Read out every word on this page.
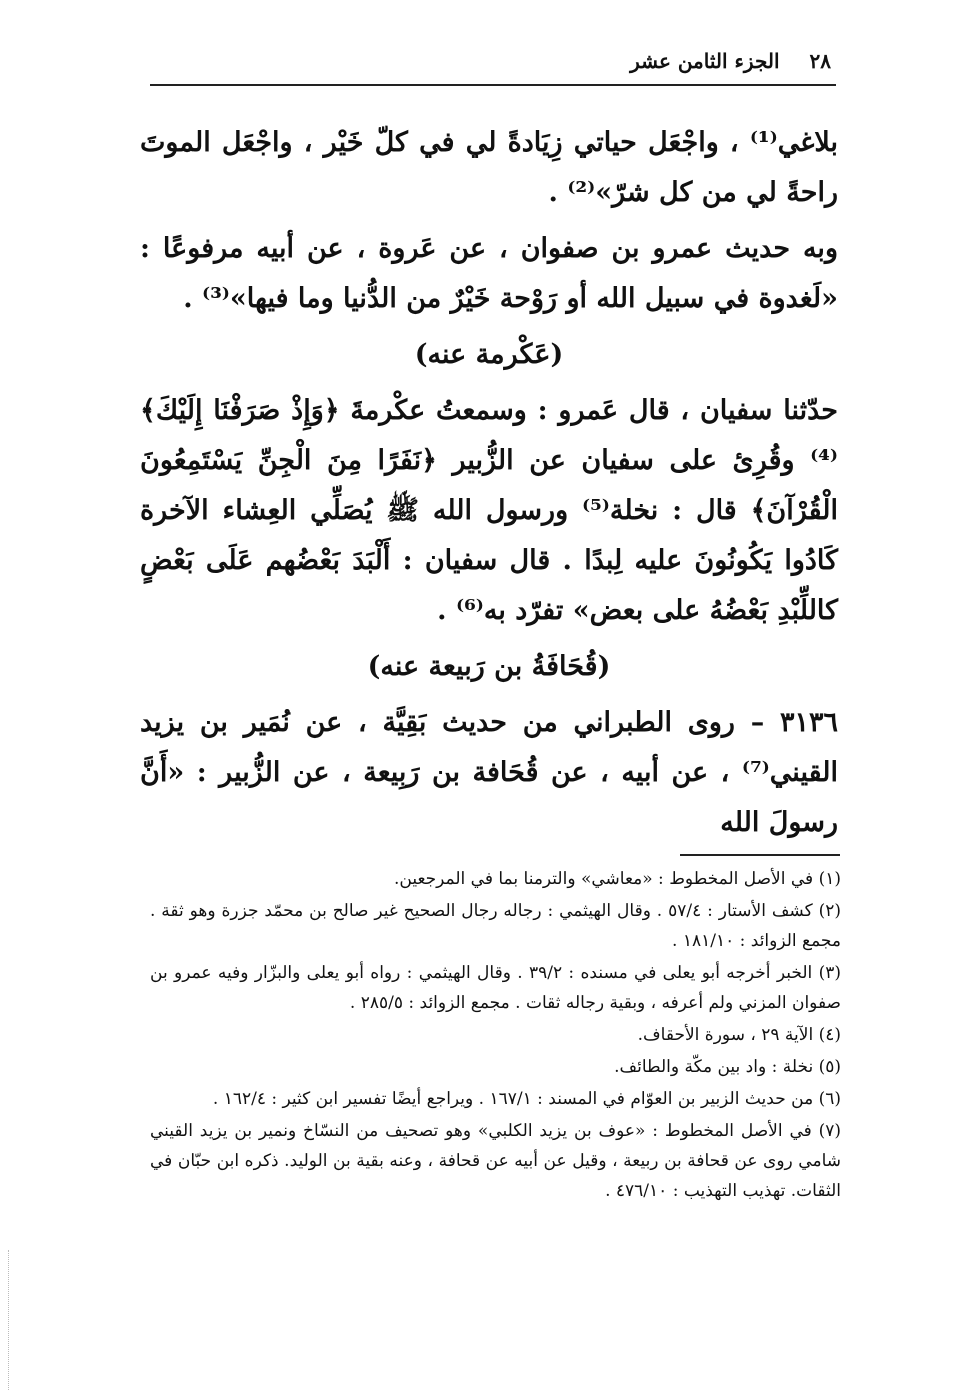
٢٨
الجزء الثامن عشر

بلاغي⁽¹⁾ ، واجْعَل حياتي زِيَادةً لي في كلّ خَيْر ، واجْعَل الموتَ راحةً لي من كل شرّ»⁽²⁾ .

وبه حديث عمرو بن صفوان ، عن عَروة ، عن أبيه مرفوعًا : «لَغدوة في سبيل الله أو رَوْحة خَيْرٌ من الدُّنيا وما فيها»⁽³⁾ .

(عَكْرمة عنه)

حدّثنا سفيان ، قال عَمرو : وسمعتُ عكْرمةَ ﴿وَإِذْ صَرَفْنَا إِلَيْكَ﴾⁽⁴⁾ وقُرِئ على سفيان عن الزُّبير ﴿نَفَرًا مِنَ الْجِنِّ يَسْتَمِعُونَ الْقُرْآنَ﴾ قال : نخلة⁽⁵⁾ ورسول الله ﷺ يُصَلِّي العِشاء الآخرة كَادُوا يَكُونُونَ عليه لِبدًا . قال سفيان : أَلْبَدَ بَعْضُهم عَلَى بَعْضٍ كاللِّبْدِ بَعْضُهُ على بعض» تفرّد به⁽⁶⁾ .

(قُحَافَةُ بن رَبيعة عنه)

٣١٣٦ – روى الطبراني من حديث بَقِيَّة ، عن نُمَير بن يزيد القيني⁽⁷⁾ ، عن أبيه ، عن قُحَافة بن رَبِيعة ، عن الزُّبير : «أَنَّ رسولَ الله

(١) في الأصل المخطوط : «معاشي» والترمنا بما في المرجعين.

(٢) كشف الأستار : ٥٧/٤ . وقال الهيثمي : رجاله رجال الصحيح غير صالح بن محمّد جزرة وهو ثقة . مجمع الزوائد : ١٨١/١٠ .

(٣) الخبر أخرجه أبو يعلى في مسنده : ٣٩/٢ . وقال الهيثمي : رواه أبو يعلى والبزّار وفيه عمرو بن صفوان المزني ولم أعرفه ، وبقية رجاله ثقات . مجمع الزوائد : ٢٨٥/٥ .

(٤) الآية ٢٩ ، سورة الأحقاف.

(٥) نخلة : واد بين مكّة والطائف.

(٦) من حديث الزبير بن العوّام في المسند : ١٦٧/١ . ويراجع أيضًا تفسير ابن كثير : ١٦٢/٤ .

(٧) في الأصل المخطوط : «عوف بن يزيد الكلبي» وهو تصحيف من النسّاخ ونمير بن يزيد القيني شامي روى عن قحافة بن ربيعة ، وقيل عن أبيه عن قحافة ، وعنه بقية بن الوليد. ذكره ابن حبّان في الثقات. تهذيب التهذيب : ٤٧٦/١٠ .
